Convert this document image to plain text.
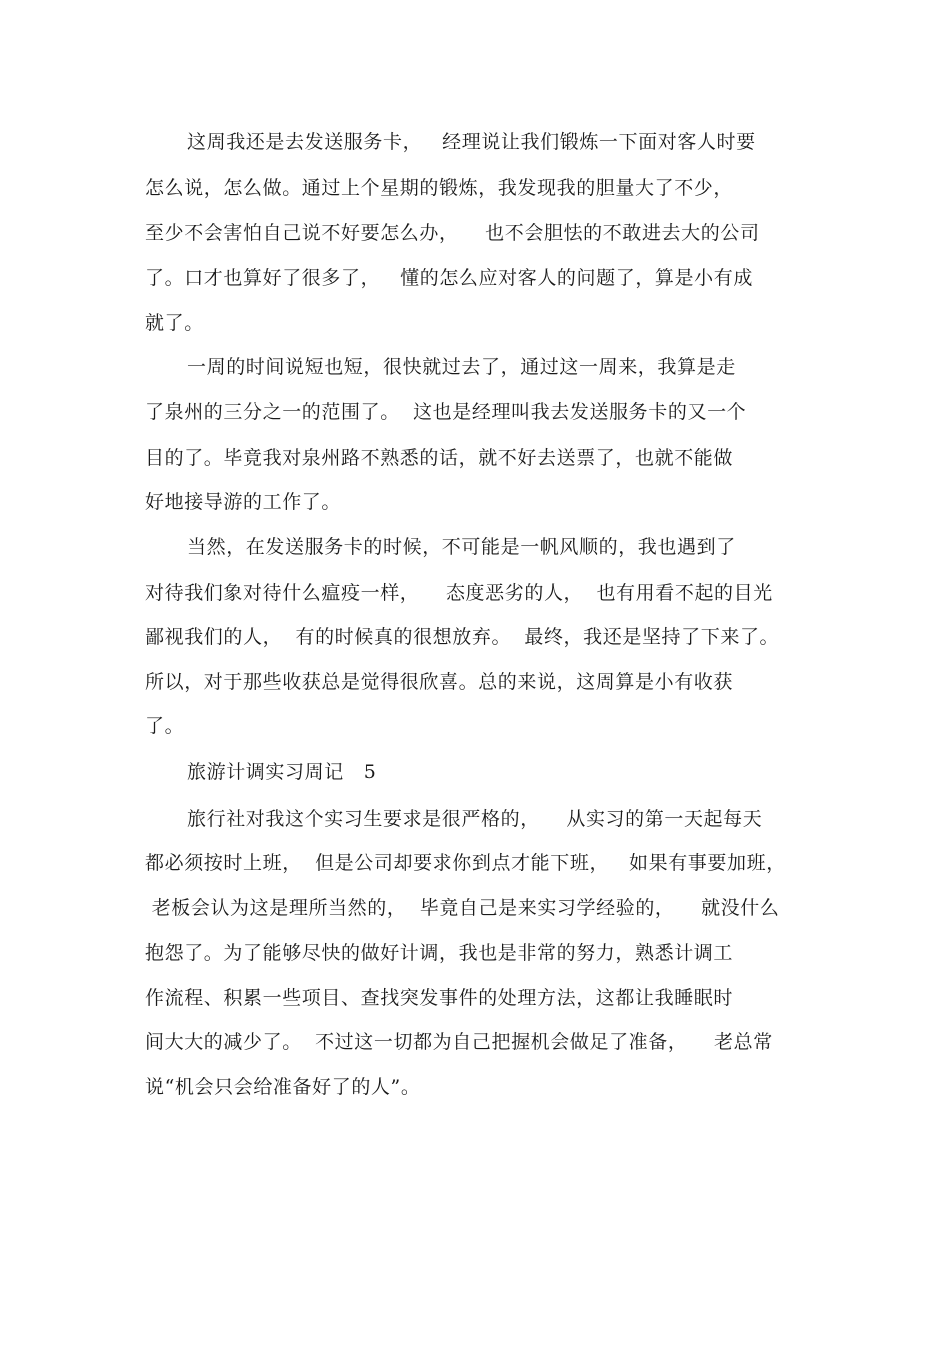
这周我还是去发送服务卡，   经理说让我们锻炼一下面对客人时要
怎么说，怎么做。通过上个星期的锻炼，我发现我的胆量大了不少，
至少不会害怕自己说不好要怎么办，    也不会胆怯的不敢进去大的公司
了。口才也算好了很多了，   懂的怎么应对客人的问题了，算是小有成
就了。
一周的时间说短也短，很快就过去了，通过这一周来，我算是走
了泉州的三分之一的范围了。  这也是经理叫我去发送服务卡的又一个
目的了。毕竟我对泉州路不熟悉的话，就不好去送票了，也就不能做
好地接导游的工作了。
当然，在发送服务卡的时候，不可能是一帆风顺的，我也遇到了
对待我们象对待什么瘟疫一样，    态度恶劣的人，  也有用看不起的目光
鄙视我们的人，  有的时候真的很想放弃。  最终，我还是坚持了下来了。
所以，对于那些收获总是觉得很欣喜。总的来说，这周算是小有收获
了。
旅游计调实习周记   5
旅行社对我这个实习生要求是很严格的，    从实习的第一天起每天
都必须按时上班，  但是公司却要求你到点才能下班，   如果有事要加班，
老板会认为这是理所当然的，  毕竟自己是来实习学经验的，    就没什么
抱怨了。为了能够尽快的做好计调，我也是非常的努力，熟悉计调工
作流程、积累一些项目、查找突发事件的处理方法，这都让我睡眠时
间大大的减少了。  不过这一切都为自己把握机会做足了准备，    老总常
说“机会只会给准备好了的人”。
